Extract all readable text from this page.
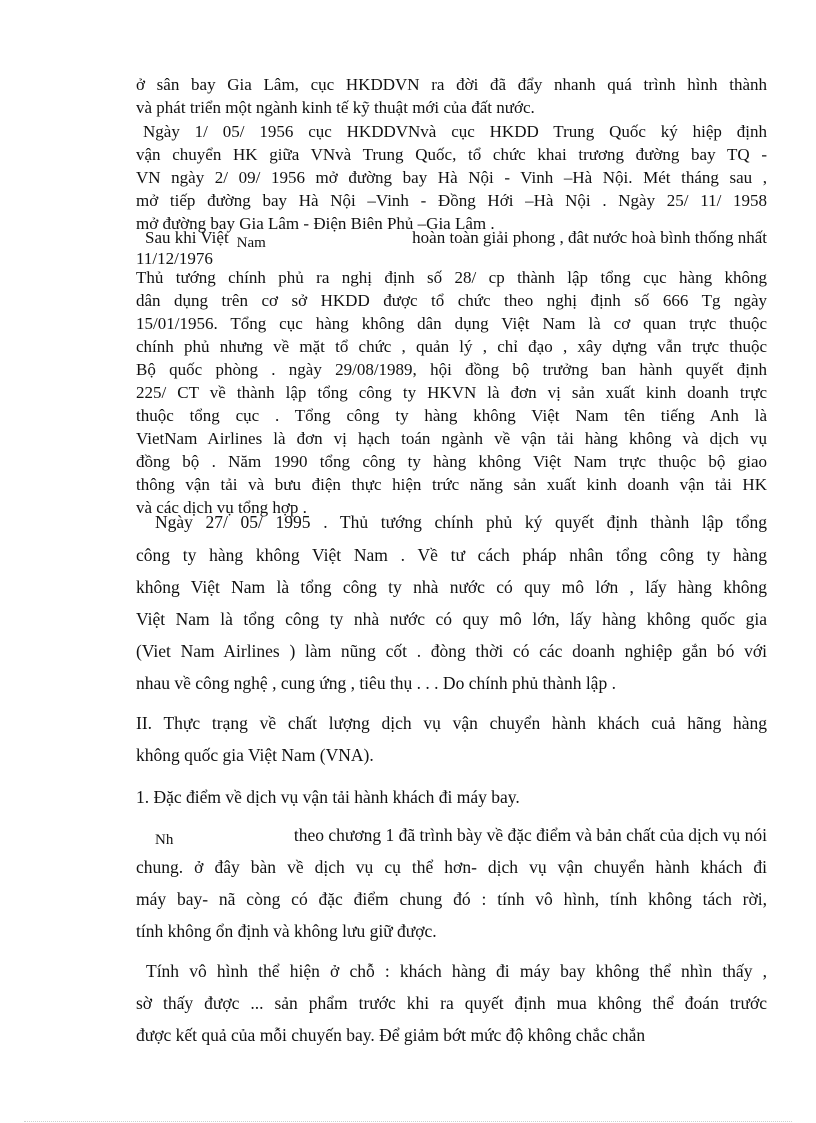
ở sân bay Gia Lâm, cục HKDDVN ra đời đã đẩy nhanh quá trình hình thành
và phát triển một ngành kinh tế kỹ thuật mới của đất nước.
Ngày 1/ 05/ 1956 cục HKDDVNvà cục HKDD Trung Quốc ký hiệp định
vận chuyển HK giữa VNvà Trung Quốc, tổ chức khai trương đường bay TQ -
VN ngày 2/ 09/ 1956 mở đường bay Hà Nội - Vinh –Hà Nội. Mét tháng sau ,
mở tiếp đường bay Hà Nội –Vinh - Đồng Hới –Hà Nội . Ngày 25/ 11/ 1958
mở đường bay Gia Lâm - Điện Biên Phủ –Gia Lâm .
Sau khi Việt Nam	hoàn toàn giải phong , đât nước hoà bình thống nhất
11/12/1976
Thủ tướng chính phủ ra nghị định số 28/ cp thành lập tổng cục hàng không
dân dụng trên cơ sở HKDD được tổ chức theo nghị định số 666 Tg ngày
15/01/1956. Tổng cục hàng không dân dụng Việt Nam là cơ quan trực thuộc
chính phủ nhưng về mặt tổ chức , quản lý , chỉ đạo , xây dựng vẫn trực thuộc
Bộ quốc phòng . ngày 29/08/1989, hội đồng bộ trưởng ban hành quyết định
225/ CT về thành lập tổng công ty HKVN là đơn vị sản xuất kinh doanh trực
thuộc tổng cục . Tổng công ty hàng không Việt Nam tên tiếng Anh là
VietNam Airlines là đơn vị hạch toán ngành về vận tải hàng không và dịch vụ
đồng bộ . Năm 1990 tổng công ty hàng không Việt Nam trực thuộc bộ giao
thông vận tải và bưu điện thực hiện trức năng sản xuất kinh doanh vận tải HK
và các dịch vụ tổng hợp .
Ngày 27/ 05/ 1995 . Thủ tướng chính phủ ký quyết định thành lập tổng
công ty hàng không Việt Nam . Về tư cách pháp nhân tổng công ty hàng
không Việt Nam là tổng công ty nhà nước có quy mô lớn , lấy hàng không
Việt Nam là tổng công ty nhà nước có quy mô lớn, lấy hàng không quốc gia
(Viet Nam Airlines ) làm nũng cốt . đòng thời có các doanh nghiệp gắn bó với
nhau về công nghệ , cung ứng , tiêu thụ . . . Do chính phủ thành lập .
II. Thực trạng về chất lượng dịch vụ vận chuyển hành khách cuả hãng hàng
không quốc gia Việt Nam (VNA).
1. Đặc điểm về dịch vụ vận tải hành khách đi máy bay.
Nh	theo chương 1 đã trình bày về đặc điểm và bản chất của dịch vụ nói
chung. ở đây bàn về dịch vụ cụ thể hơn- dịch vụ vận chuyển hành khách đi
máy bay- nã còng có đặc điểm chung đó : tính vô hình, tính không tách rời,
tính không ổn định và không lưu giữ được.
Tính vô hình thể hiện ở chỗ : khách hàng đi máy bay không thể nhìn thấy ,
sờ thấy được ... sản phẩm trước khi ra quyết định mua không thể đoán trước
được kết quả của mỗi chuyến bay. Để giảm bớt mức độ không chắc chắn
